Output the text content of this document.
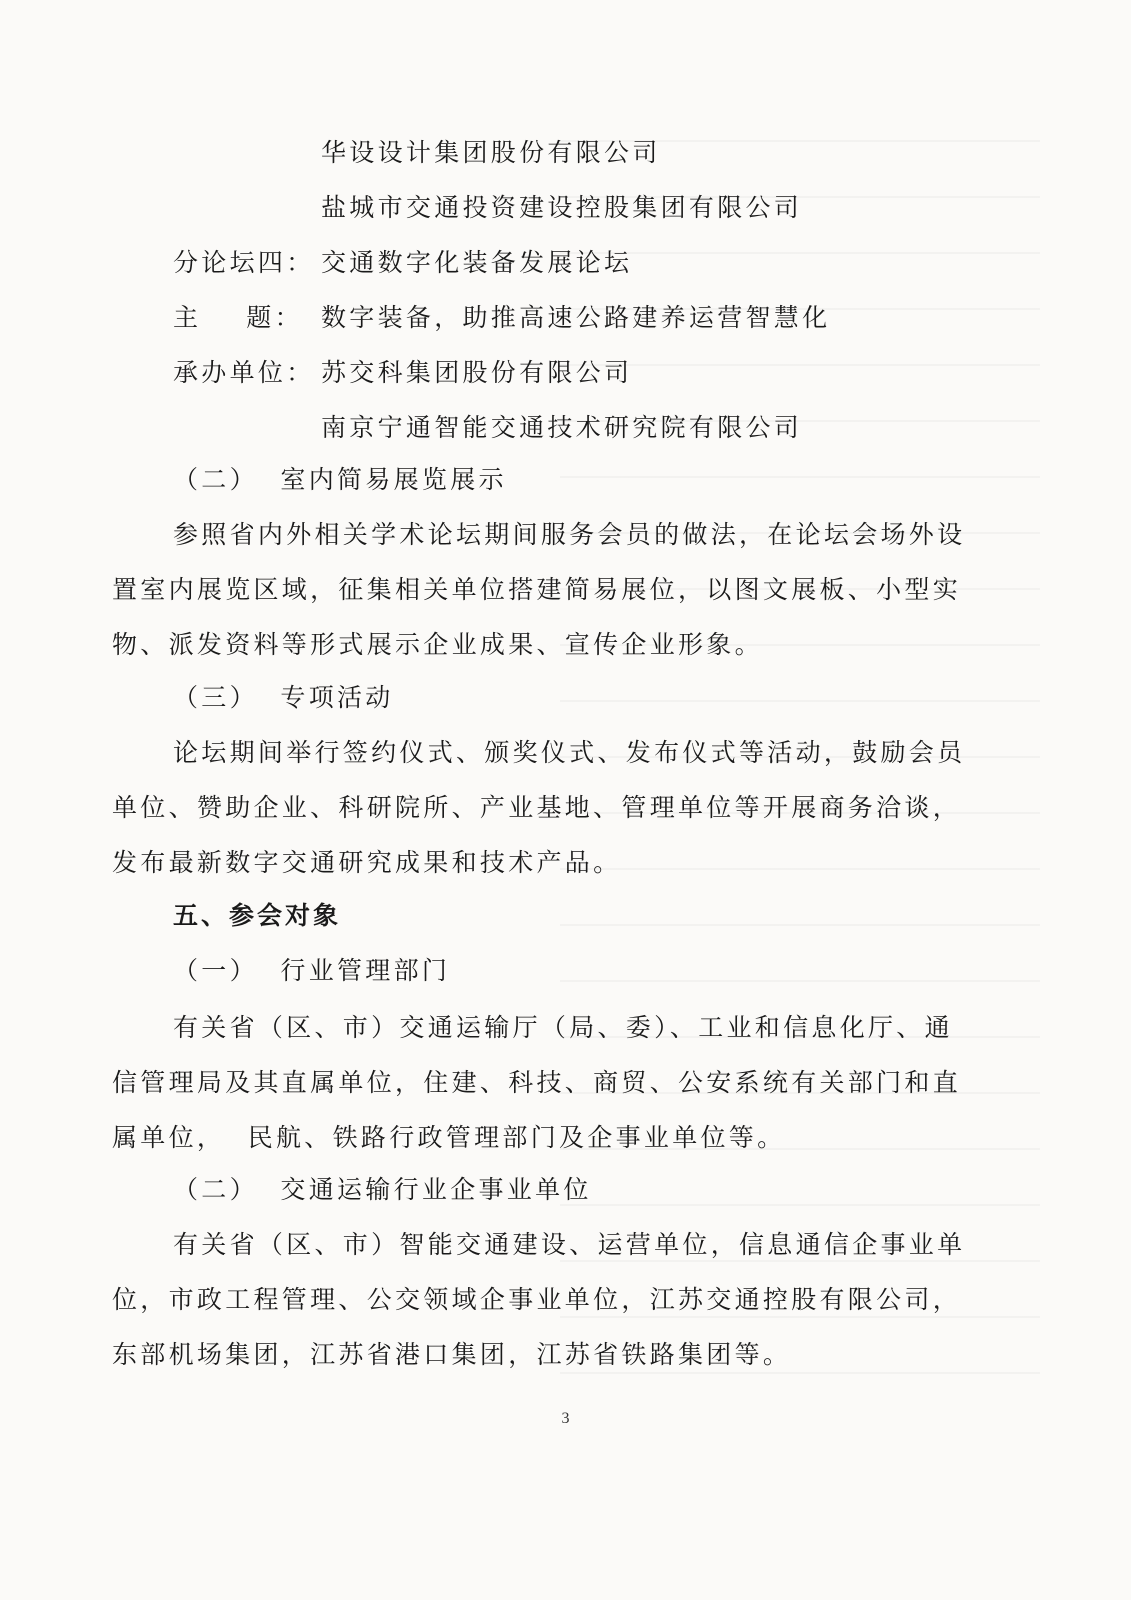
华设设计集团股份有限公司

盐城市交通投资建设控股集团有限公司

分论坛四： 交通数字化装备发展论坛

主    题： 数字装备，助推高速公路建养运营智慧化

承办单位： 苏交科集团股份有限公司

南京宁通智能交通技术研究院有限公司

（二）  室内简易展览展示

参照省内外相关学术论坛期间服务会员的做法，在论坛会场外设

置室内展览区域，征集相关单位搭建简易展位，以图文展板、小型实

物、派发资料等形式展示企业成果、宣传企业形象。

（三）  专项活动

论坛期间举行签约仪式、颁奖仪式、发布仪式等活动，鼓励会员

单位、赞助企业、科研院所、产业基地、管理单位等开展商务洽谈，

发布最新数字交通研究成果和技术产品。

五、参会对象

（一）  行业管理部门

有关省（区、市）交通运输厅（局、委）、工业和信息化厅、通

信管理局及其直属单位，住建、科技、商贸、公安系统有关部门和直

属单位，  民航、铁路行政管理部门及企事业单位等。

（二）  交通运输行业企事业单位

有关省（区、市）智能交通建设、运营单位，信息通信企事业单

位，市政工程管理、公交领域企事业单位，江苏交通控股有限公司，

东部机场集团，江苏省港口集团，江苏省铁路集团等。

3
